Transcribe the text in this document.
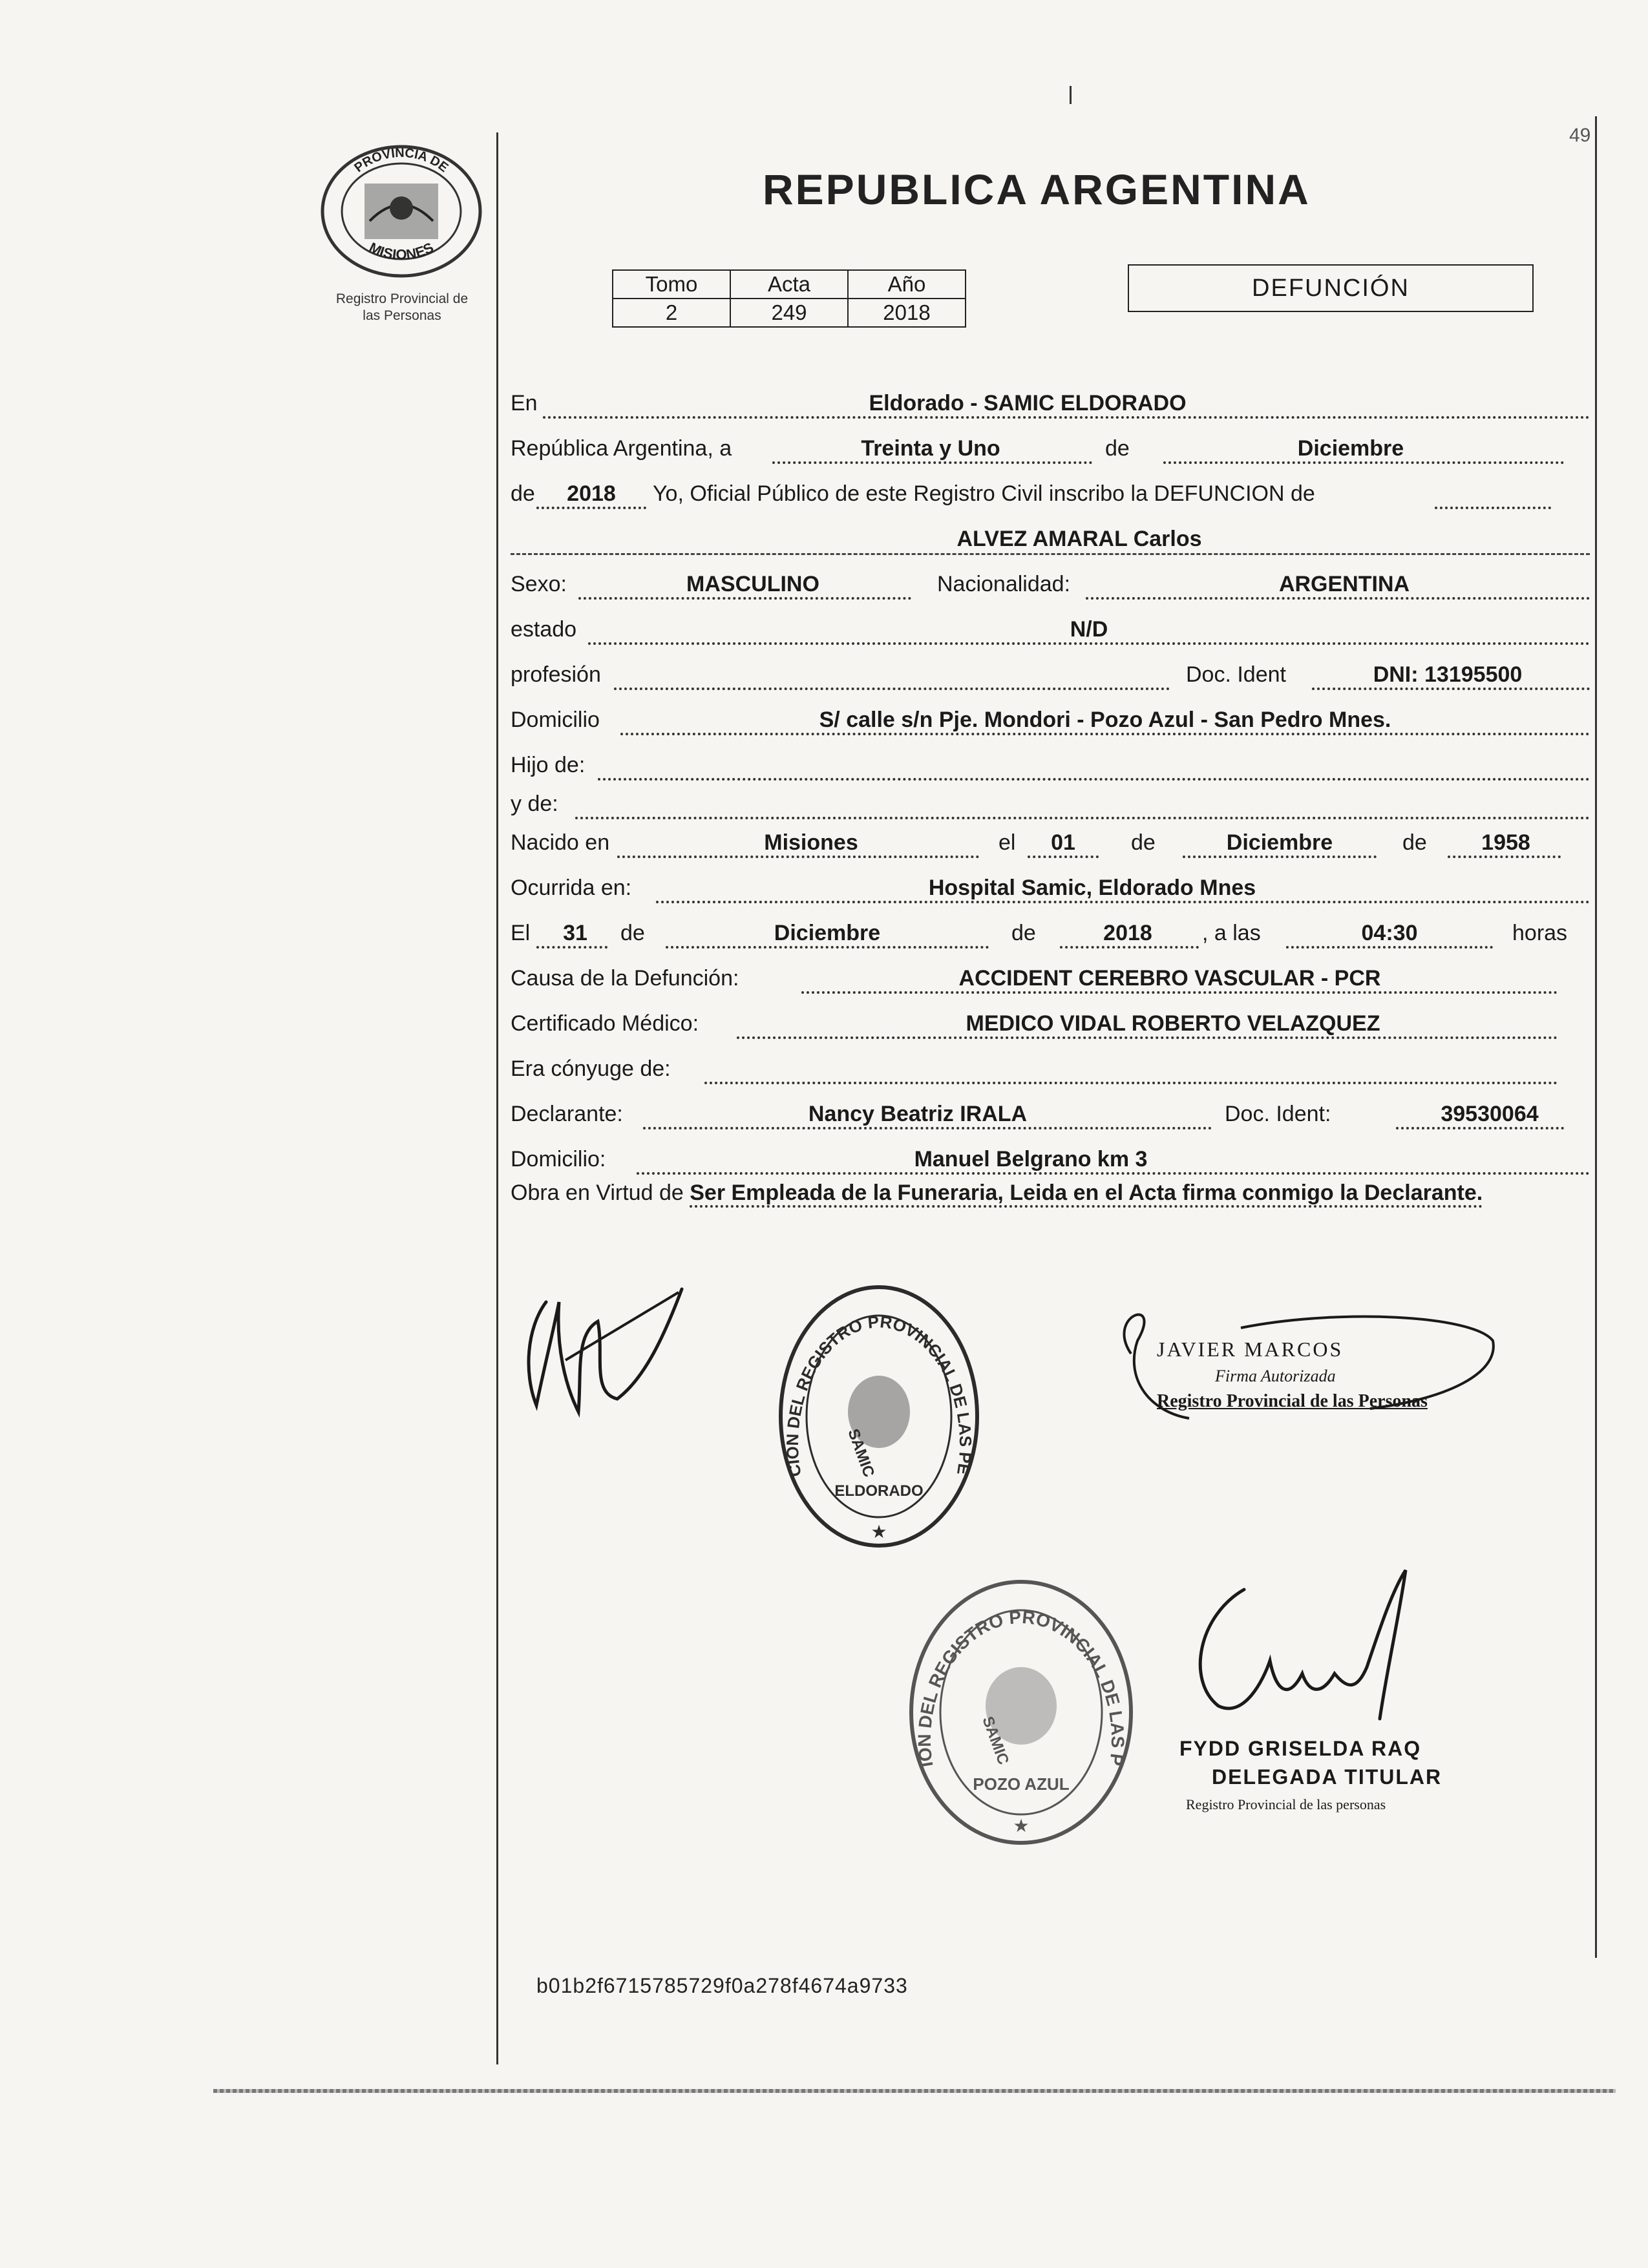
49
PROVINCIA DE
MISIONES
Registro Provincial de
las Personas
REPUBLICA ARGENTINA
Tomo	Acta	Año
2	249	2018
DEFUNCIÓN
En	Eldorado - SAMIC ELDORADO
República Argentina, a	Treinta y Uno	de	Diciembre
de 2018 Yo, Oficial Público de este Registro Civil inscribo la DEFUNCION de
ALVEZ AMARAL Carlos
Sexo:	MASCULINO	Nacionalidad:	ARGENTINA
estado	N/D
profesión	Doc. Ident	DNI: 13195500
Domicilio	S/ calle s/n Pje. Mondori - Pozo Azul - San Pedro Mnes.
Hijo de:
y de:
Nacido en	Misiones	el 01	de	Diciembre	de 1958
Ocurrida en:	Hospital Samic, Eldorado Mnes
El 31 de	Diciembre	de	2018 , a las	04:30	horas
Causa de la Defunción:	ACCIDENT CEREBRO VASCULAR - PCR
Certificado Médico:	MEDICO VIDAL ROBERTO VELAZQUEZ
Era cónyuge de:
Declarante:	Nancy Beatriz IRALA	Doc. Ident:	39530064
Domicilio:	Manuel Belgrano km 3
Obra en Virtud de Ser Empleada de la Funeraria, Leida en el Acta firma conmigo la Declarante.
CION DEL REGISTRO PROVINCIAL DE LAS PE
SAMIC
ELDORADO
★
JAVIER MARCOS
Firma Autorizada
Registro Provincial de las Personas
ION DEL REGISTRO PROVINCIAL DE LAS P
SAMIC
POZO AZUL
★
FYDD GRISELDA RAQ
DELEGADA TITULAR
Registro Provincial de las personas
b01b2f6715785729f0a278f4674a9733
